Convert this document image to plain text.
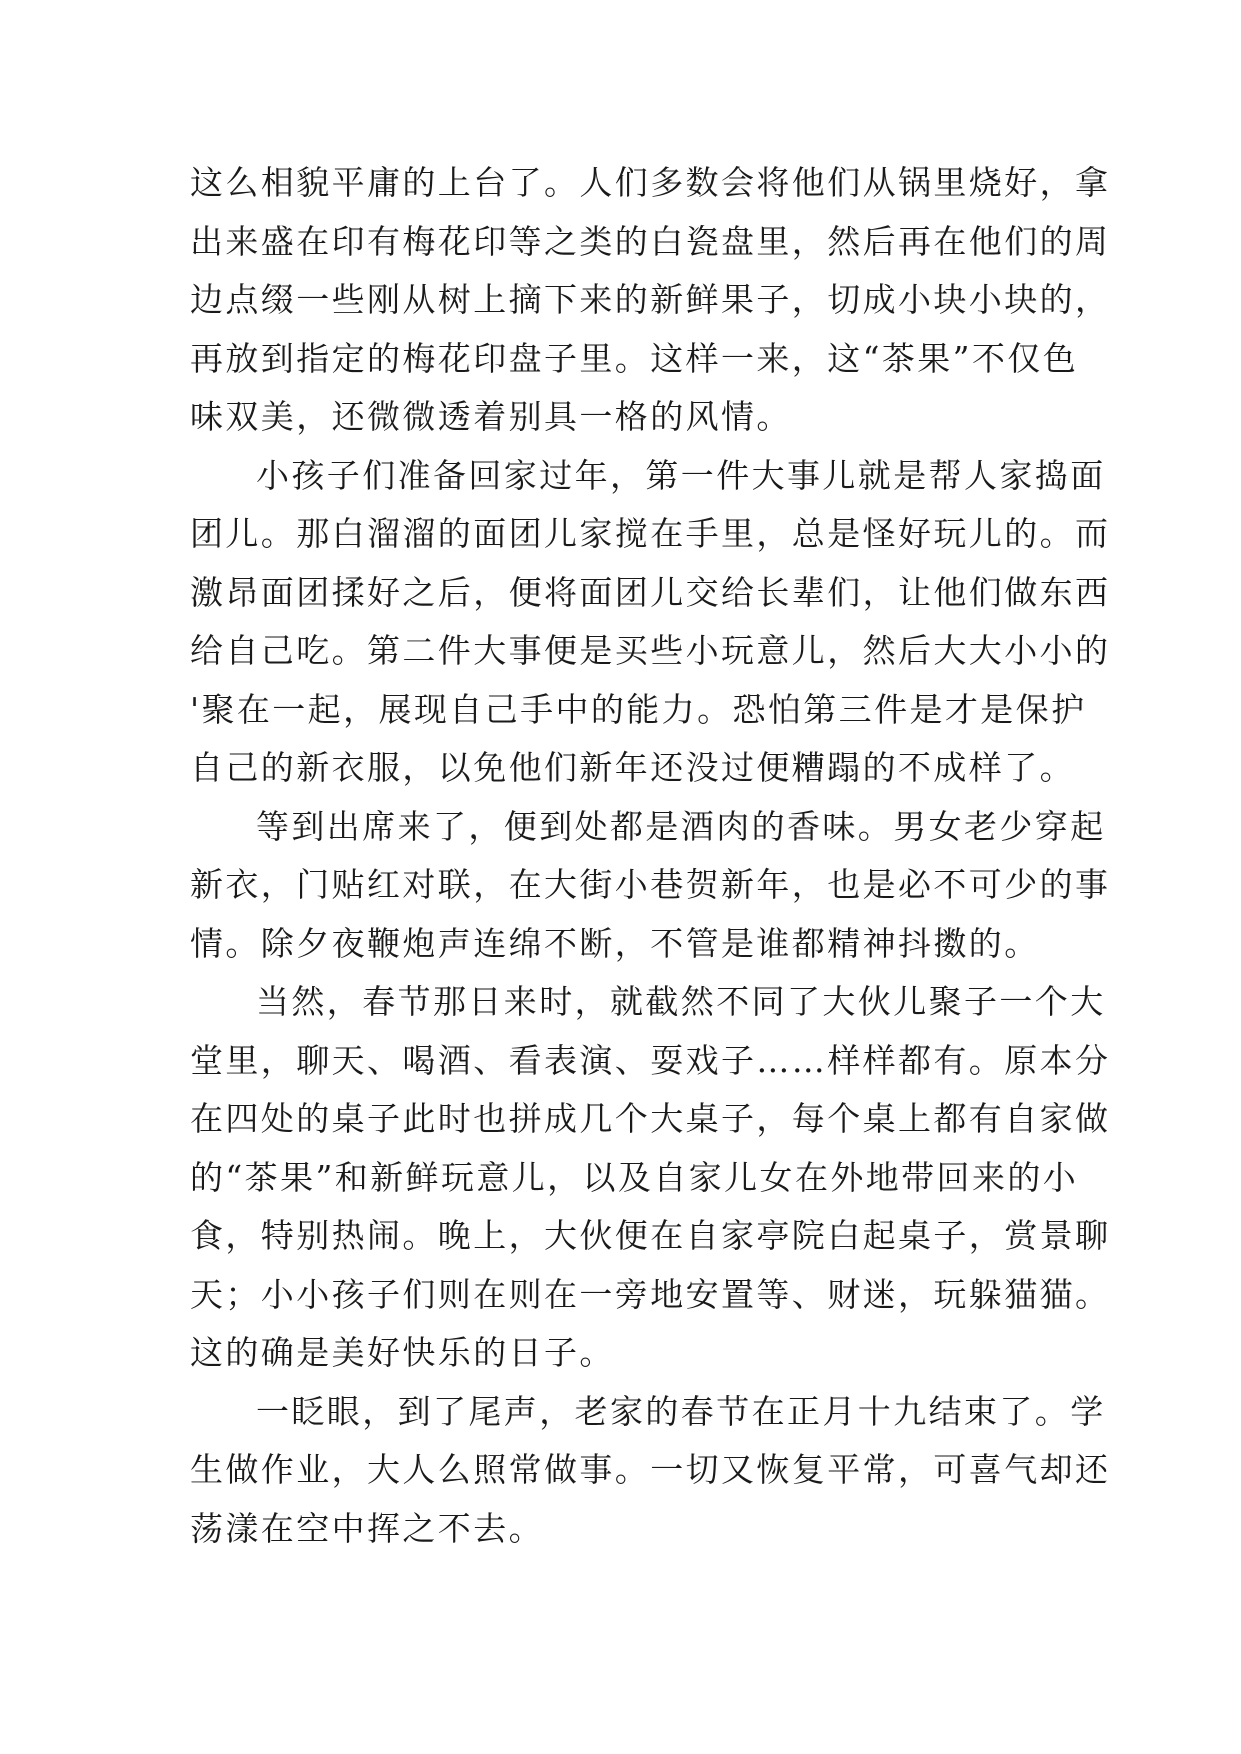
这么相貌平庸的上台了。人们多数会将他们从锅里烧好，拿
出来盛在印有梅花印等之类的白瓷盘里，然后再在他们的周
边点缀一些刚从树上摘下来的新鲜果子，切成小块小块的，
再放到指定的梅花印盘子里。这样一来，这“茶果”不仅色
味双美，还微微透着别具一格的风情。
小孩子们准备回家过年，第一件大事儿就是帮人家捣面
团儿。那白溜溜的面团儿家搅在手里，总是怪好玩儿的。而
激昂面团揉好之后，便将面团儿交给长辈们，让他们做东西
给自己吃。第二件大事便是买些小玩意儿，然后大大小小的
'聚在一起，展现自己手中的能力。恐怕第三件是才是保护
自己的新衣服，以免他们新年还没过便糟蹋的不成样了。
等到出席来了，便到处都是酒肉的香味。男女老少穿起
新衣，门贴红对联，在大街小巷贺新年，也是必不可少的事
情。除夕夜鞭炮声连绵不断，不管是谁都精神抖擞的。
当然，春节那日来时，就截然不同了大伙儿聚子一个大
堂里，聊天、喝酒、看表演、耍戏子……样样都有。原本分
在四处的桌子此时也拼成几个大桌子，每个桌上都有自家做
的“茶果”和新鲜玩意儿，以及自家儿女在外地带回来的小
食，特别热闹。晚上，大伙便在自家亭院白起桌子，赏景聊
天；小小孩子们则在则在一旁地安置等、财迷，玩躲猫猫。
这的确是美好快乐的日子。
一眨眼，到了尾声，老家的春节在正月十九结束了。学
生做作业，大人么照常做事。一切又恢复平常，可喜气却还
荡漾在空中挥之不去。
